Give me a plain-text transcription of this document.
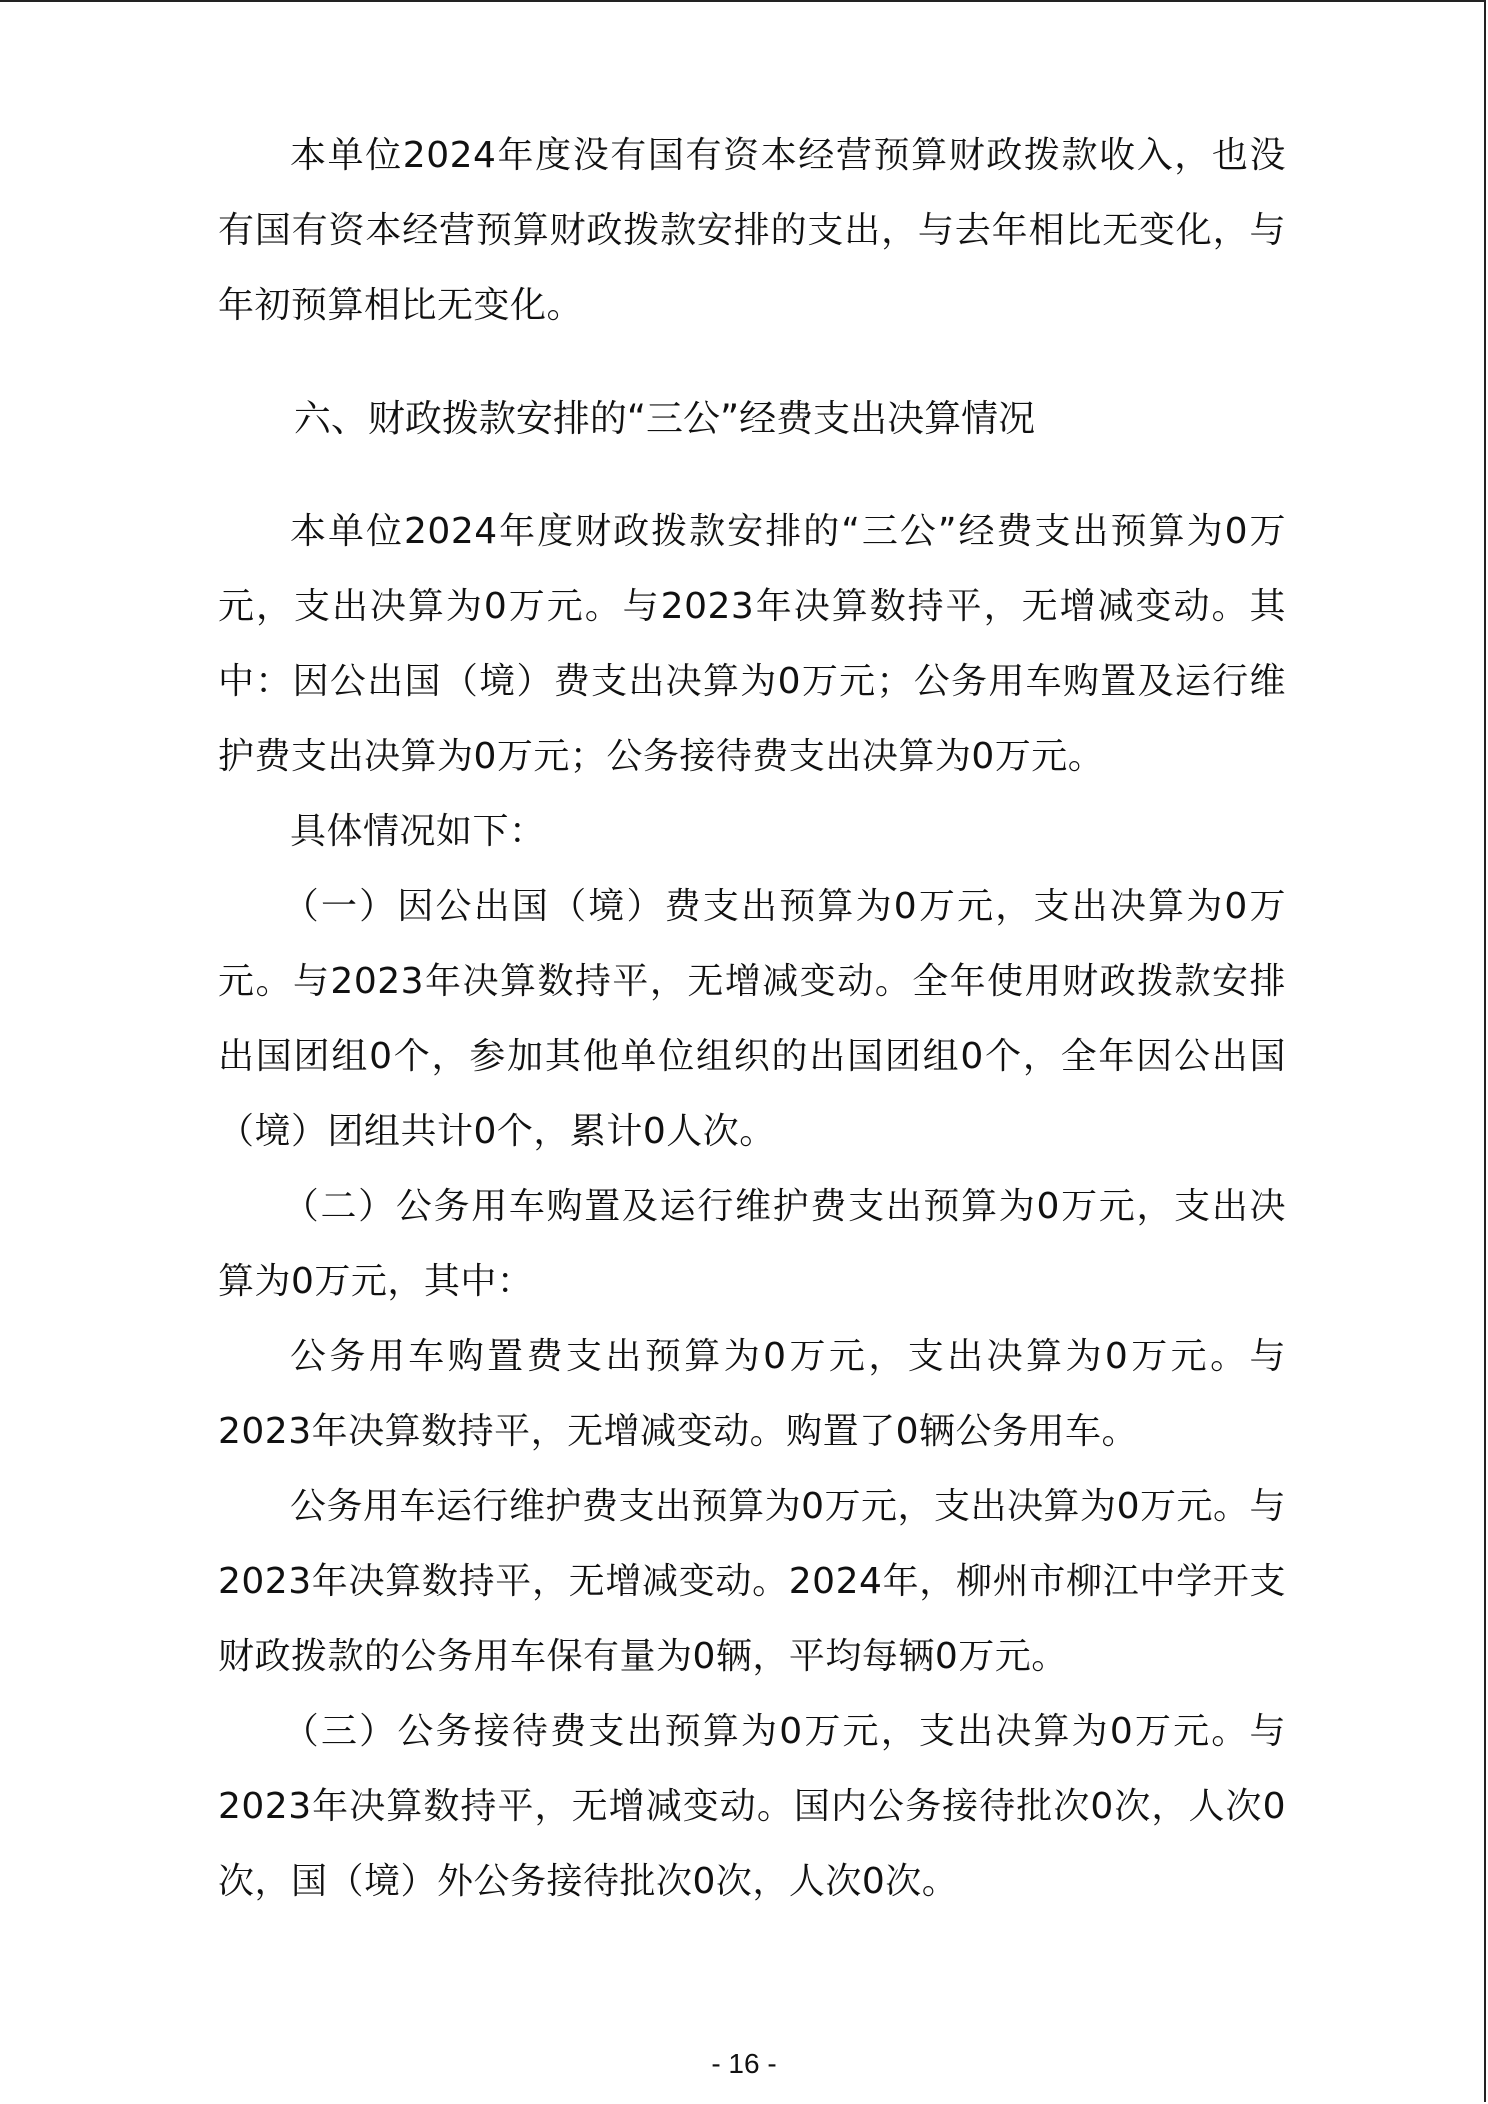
本单位2024年度没有国有资本经营预算财政拨款收入，也没有国有资本经营预算财政拨款安排的支出，与去年相比无变化，与年初预算相比无变化。

六、财政拨款安排的“三公”经费支出决算情况

本单位2024年度财政拨款安排的“三公”经费支出预算为0万元，支出决算为0万元。与2023年决算数持平，无增减变动。其中：因公出国（境）费支出决算为0万元；公务用车购置及运行维护费支出决算为0万元；公务接待费支出决算为0万元。

具体情况如下：

（一）因公出国（境）费支出预算为0万元，支出决算为0万元。与2023年决算数持平，无增减变动。全年使用财政拨款安排出国团组0个，参加其他单位组织的出国团组0个，全年因公出国（境）团组共计0个，累计0人次。

（二）公务用车购置及运行维护费支出预算为0万元，支出决算为0万元，其中：

公务用车购置费支出预算为0万元，支出决算为0万元。与2023年决算数持平，无增减变动。购置了0辆公务用车。

公务用车运行维护费支出预算为0万元，支出决算为0万元。与2023年决算数持平，无增减变动。2024年，柳州市柳江中学开支财政拨款的公务用车保有量为0辆，平均每辆0万元。

（三）公务接待费支出预算为0万元，支出决算为0万元。与2023年决算数持平，无增减变动。国内公务接待批次0次，人次0次，国（境）外公务接待批次0次，人次0次。

- 16 -
